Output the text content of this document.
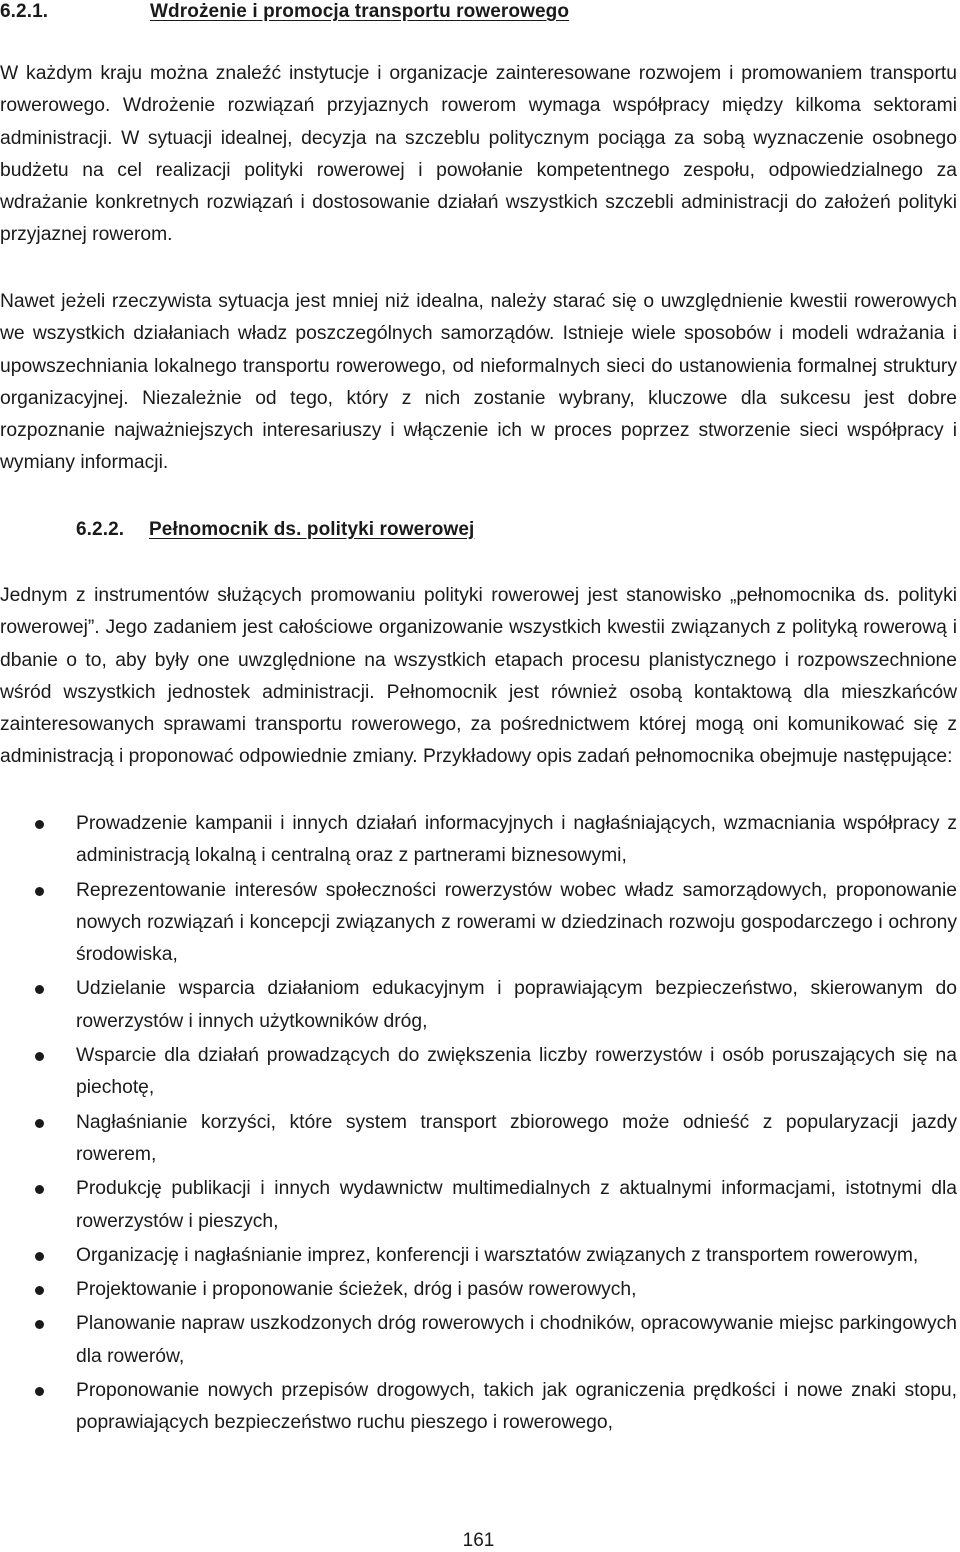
6.2.1.	Wdrożenie i promocja transportu rowerowego

W każdym kraju można znaleźć instytucje i organizacje zainteresowane rozwojem i promowaniem transportu rowerowego. Wdrożenie rozwiązań przyjaznych rowerom wymaga współpracy między kilkoma sektorami administracji. W sytuacji idealnej, decyzja na szczeblu politycznym pociąga za sobą wyznaczenie osobnego budżetu na cel realizacji polityki rowerowej i powołanie kompetentnego zespołu, odpowiedzialnego za wdrażanie konkretnych rozwiązań i dostosowanie działań wszystkich szczebli administracji do założeń polityki przyjaznej rowerom.

Nawet jeżeli rzeczywista sytuacja jest mniej niż idealna, należy starać się o uwzględnienie kwestii rowerowych we wszystkich działaniach władz poszczególnych samorządów. Istnieje wiele sposobów i modeli wdrażania i upowszechniania lokalnego transportu rowerowego, od nieformalnych sieci do ustanowienia formalnej struktury organizacyjnej. Niezależnie od tego, który z nich zostanie wybrany, kluczowe dla sukcesu jest dobre rozpoznanie najważniejszych interesariuszy i włączenie ich w proces poprzez stworzenie sieci współpracy i wymiany informacji.

6.2.2. Pełnomocnik ds. polityki rowerowej

Jednym z instrumentów służących promowaniu polityki rowerowej jest stanowisko „pełnomocnika ds. polityki rowerowej”. Jego zadaniem jest całościowe organizowanie wszystkich kwestii związanych z polityką rowerową i dbanie o to, aby były one uwzględnione na wszystkich etapach procesu planistycznego i rozpowszechnione wśród wszystkich jednostek administracji. Pełnomocnik jest również osobą kontaktową dla mieszkańców zainteresowanych sprawami transportu rowerowego, za pośrednictwem której mogą oni komunikować się z administracją i proponować odpowiednie zmiany. Przykładowy opis zadań pełnomocnika obejmuje następujące:

Prowadzenie kampanii i innych działań informacyjnych i nagłaśniających, wzmacniania współpracy z administracją lokalną i centralną oraz z partnerami biznesowymi,
Reprezentowanie interesów społeczności rowerzystów wobec władz samorządowych, proponowanie nowych rozwiązań i koncepcji związanych z rowerami w dziedzinach rozwoju gospodarczego i ochrony środowiska,
Udzielanie wsparcia działaniom edukacyjnym i poprawiającym bezpieczeństwo, skierowanym do rowerzystów i innych użytkowników dróg,
Wsparcie dla działań prowadzących do zwiększenia liczby rowerzystów i osób poruszających się na piechotę,
Nagłaśnianie korzyści, które system transport zbiorowego może odnieść z popularyzacji jazdy rowerem,
Produkcję publikacji i innych wydawnictw multimedialnych z aktualnymi informacjami, istotnymi dla rowerzystów i pieszych,
Organizację i nagłaśnianie imprez, konferencji i warsztatów związanych z transportem rowerowym,
Projektowanie i proponowanie ścieżek, dróg i pasów rowerowych,
Planowanie napraw uszkodzonych dróg rowerowych i chodników, opracowywanie miejsc parkingowych dla rowerów,
Proponowanie nowych przepisów drogowych, takich jak ograniczenia prędkości i nowe znaki stopu, poprawiających bezpieczeństwo ruchu pieszego i rowerowego,
161
